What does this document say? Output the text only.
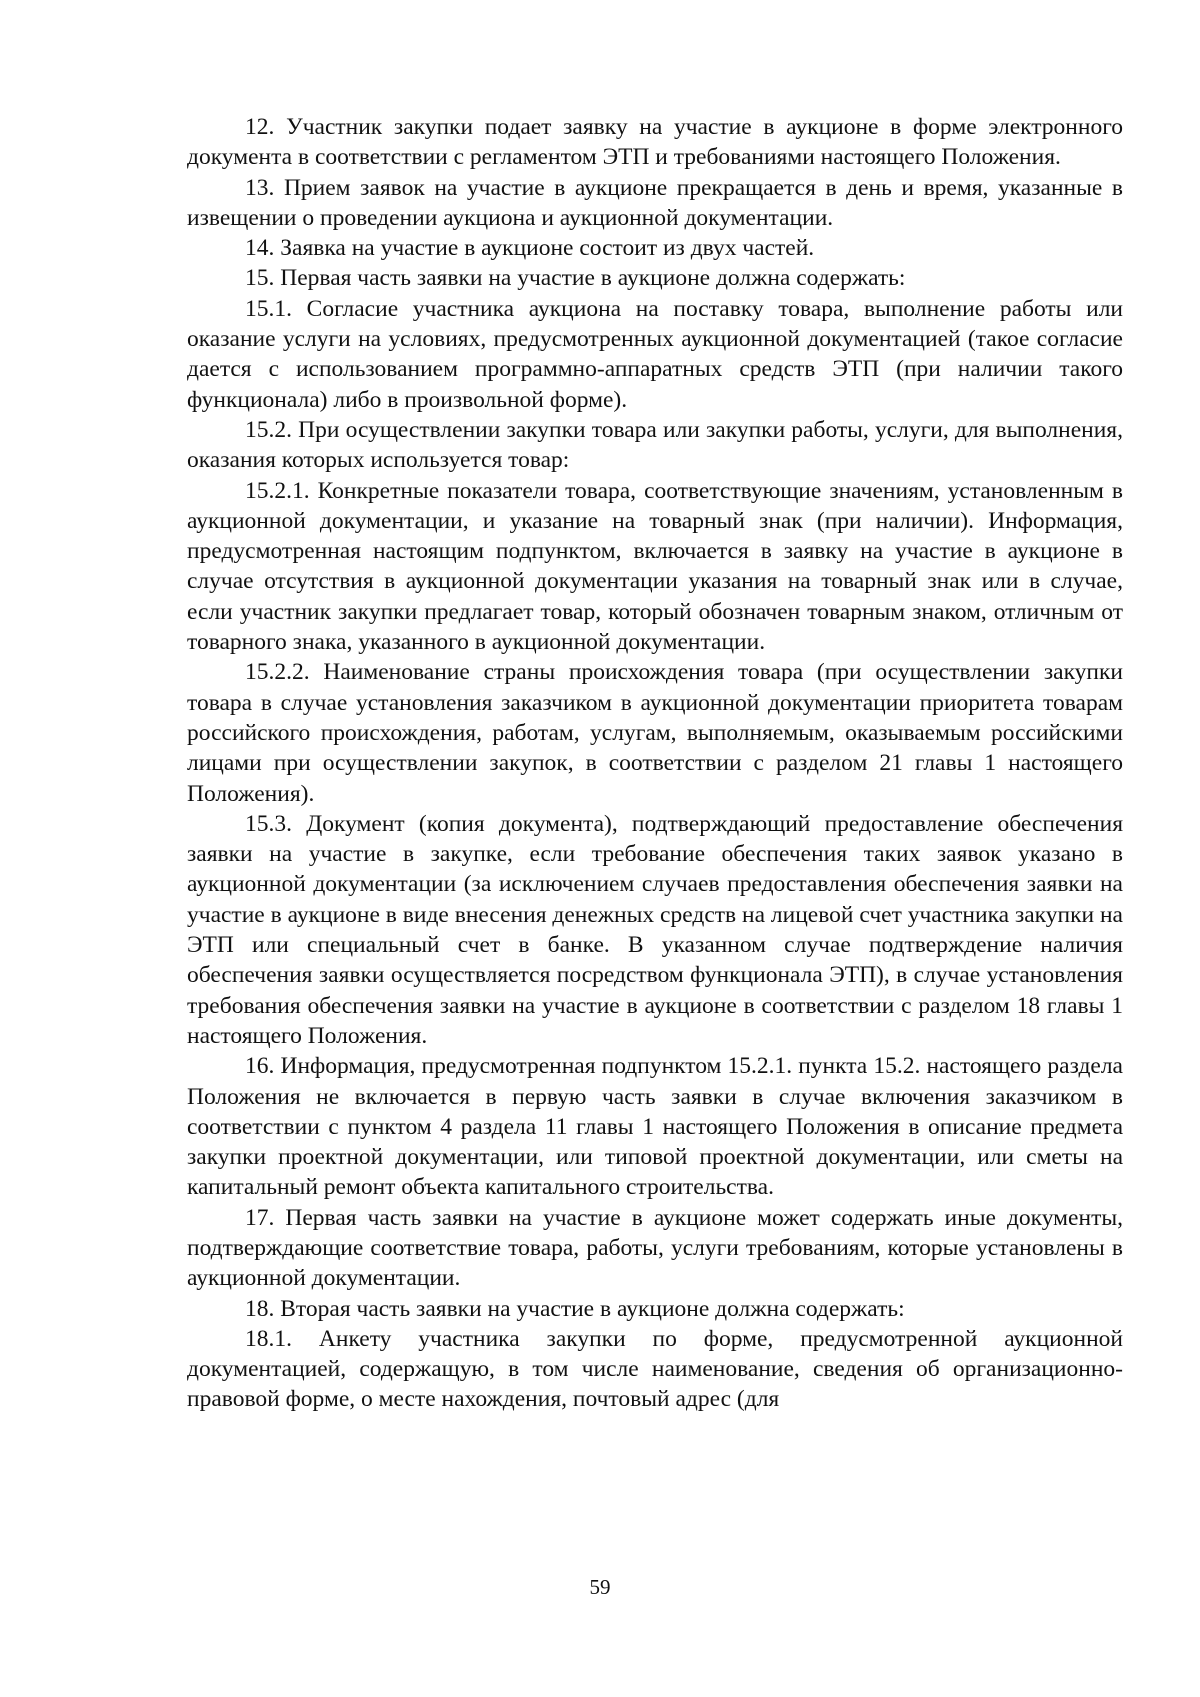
12. Участник закупки подает заявку на участие в аукционе в форме электронного документа в соответствии с регламентом ЭТП и требованиями настоящего Положения.

13. Прием заявок на участие в аукционе прекращается в день и время, указанные в извещении о проведении аукциона и аукционной документации.

14. Заявка на участие в аукционе состоит из двух частей.

15. Первая часть заявки на участие в аукционе должна содержать:

15.1. Согласие участника аукциона на поставку товара, выполнение работы или оказание услуги на условиях, предусмотренных аукционной документацией (такое согласие дается с использованием программно-аппаратных средств ЭТП (при наличии такого функционала) либо в произвольной форме).

15.2. При осуществлении закупки товара или закупки работы, услуги, для выполнения, оказания которых используется товар:

15.2.1. Конкретные показатели товара, соответствующие значениям, установленным в аукционной документации, и указание на товарный знак (при наличии). Информация, предусмотренная настоящим подпунктом, включается в заявку на участие в аукционе в случае отсутствия в аукционной документации указания на товарный знак или в случае, если участник закупки предлагает товар, который обозначен товарным знаком, отличным от товарного знака, указанного в аукционной документации.

15.2.2. Наименование страны происхождения товара (при осуществлении закупки товара в случае установления заказчиком в аукционной документации приоритета товарам российского происхождения, работам, услугам, выполняемым, оказываемым российскими лицами при осуществлении закупок, в соответствии с разделом 21 главы 1 настоящего Положения).

15.3. Документ (копия документа), подтверждающий предоставление обеспечения заявки на участие в закупке, если требование обеспечения таких заявок указано в аукционной документации (за исключением случаев предоставления обеспечения заявки на участие в аукционе в виде внесения денежных средств на лицевой счет участника закупки на ЭТП или специальный счет в банке. В указанном случае подтверждение наличия обеспечения заявки осуществляется посредством функционала ЭТП), в случае установления требования обеспечения заявки на участие в аукционе в соответствии с разделом 18 главы 1 настоящего Положения.

16. Информация, предусмотренная подпунктом 15.2.1. пункта 15.2. настоящего раздела Положения не включается в первую часть заявки в случае включения заказчиком в соответствии с пунктом 4 раздела 11 главы 1 настоящего Положения в описание предмета закупки проектной документации, или типовой проектной документации, или сметы на капитальный ремонт объекта капитального строительства.

17. Первая часть заявки на участие в аукционе может содержать иные документы, подтверждающие соответствие товара, работы, услуги требованиям, которые установлены в аукционной документации.

18. Вторая часть заявки на участие в аукционе должна содержать:

18.1. Анкету участника закупки по форме, предусмотренной аукционной документацией, содержащую, в том числе наименование, сведения об организационно-правовой форме, о месте нахождения, почтовый адрес (для

59
